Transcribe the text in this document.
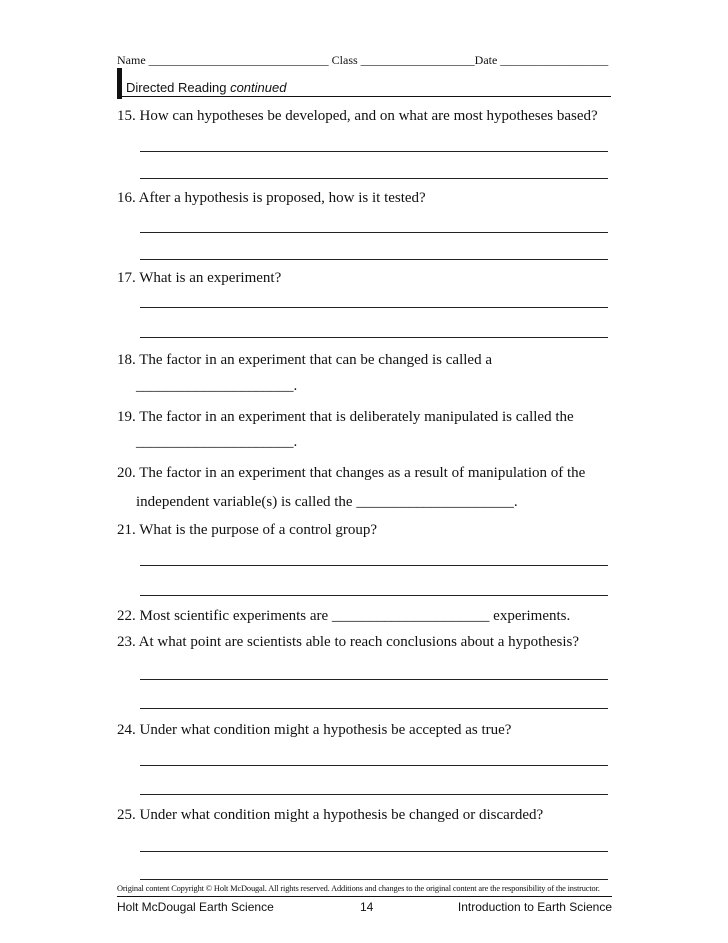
Name ______________________________ Class ___________________Date __________________
Directed Reading continued
15. How can hypotheses be developed, and on what are most hypotheses based?
16. After a hypothesis is proposed, how is it tested?
17. What is an experiment?
18. The factor in an experiment that can be changed is called a
_____________________.
19. The factor in an experiment that is deliberately manipulated is called the
_____________________.
20. The factor in an experiment that changes as a result of manipulation of the
independent variable(s) is called the _____________________.
21. What is the purpose of a control group?
22. Most scientific experiments are _____________________ experiments.
23. At what point are scientists able to reach conclusions about a hypothesis?
24. Under what condition might a hypothesis be accepted as true?
25. Under what condition might a hypothesis be changed or discarded?
Original content Copyright © Holt McDougal. All rights reserved. Additions and changes to the original content are the responsibility of the instructor.
Holt McDougal Earth Science	14	Introduction to Earth Science
